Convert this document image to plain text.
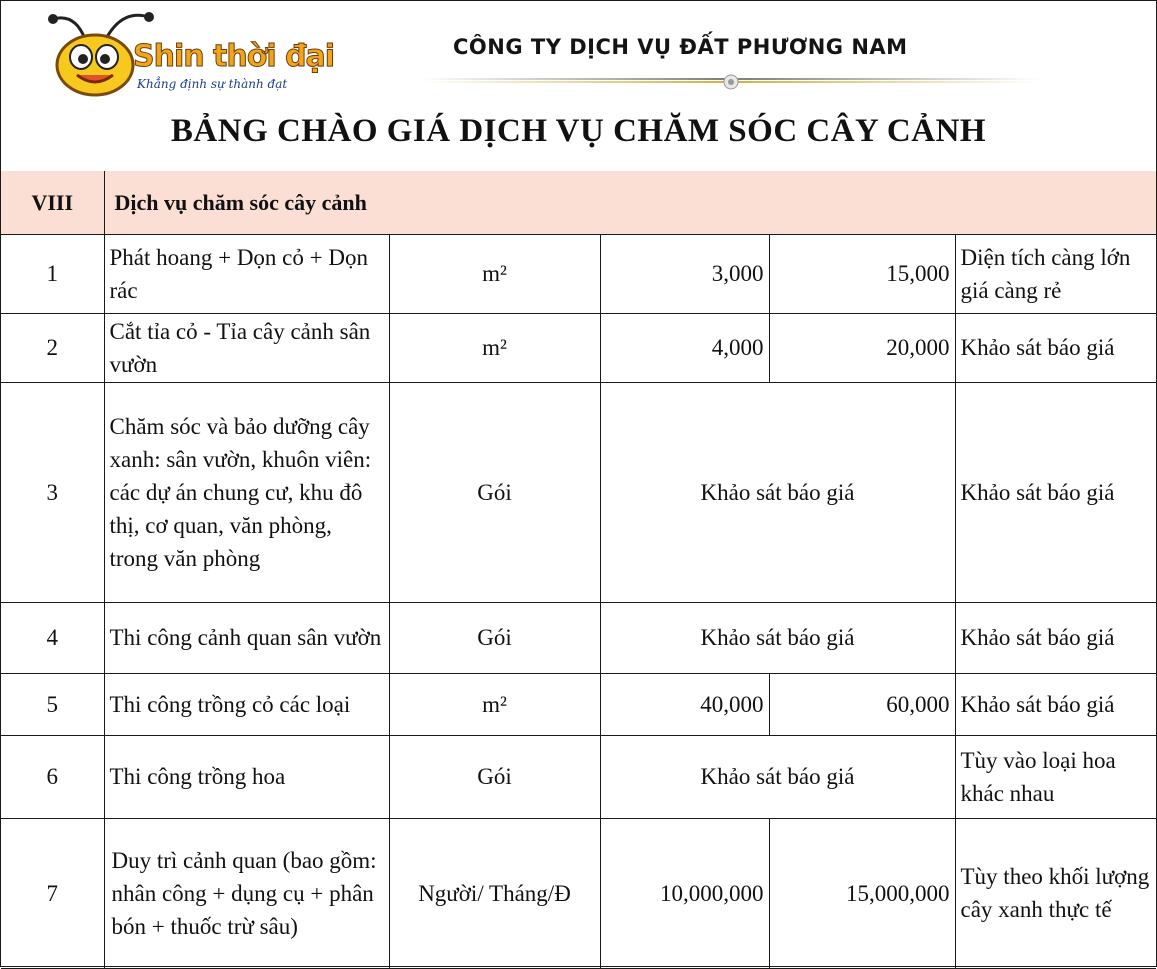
Shin thời đại
Khẳng định sự thành đạt
CÔNG TY DỊCH VỤ ĐẤT PHƯƠNG NAM
BẢNG CHÀO GIÁ DỊCH VỤ CHĂM SÓC CÂY CẢNH
VIII	Dịch vụ chăm sóc cây cảnh				
1	Phát hoang + Dọn cỏ + Dọn rác	m²	3,000	15,000	Diện tích càng lớn giá càng rẻ
2	Cắt tỉa cỏ - Tỉa cây cảnh sân vườn	m²	4,000	20,000	Khảo sát báo giá
3	Chăm sóc và bảo dưỡng cây xanh: sân vườn, khuôn viên: các dự án chung cư, khu đô thị, cơ quan, văn phòng, trong văn phòng	Gói	Khảo sát báo giá		Khảo sát báo giá
4	Thi công cảnh quan sân vườn	Gói	Khảo sát báo giá		Khảo sát báo giá
5	Thi công trồng cỏ các loại	m²	40,000	60,000	Khảo sát báo giá
6	Thi công trồng hoa	Gói	Khảo sát báo giá		Tùy vào loại hoa khác nhau
7	Duy trì cảnh quan (bao gồm: nhân công + dụng cụ + phân bón + thuốc trừ sâu)	Người/ Tháng/Đ	10,000,000	15,000,000	Tùy theo khối lượng cây xanh thực tế
